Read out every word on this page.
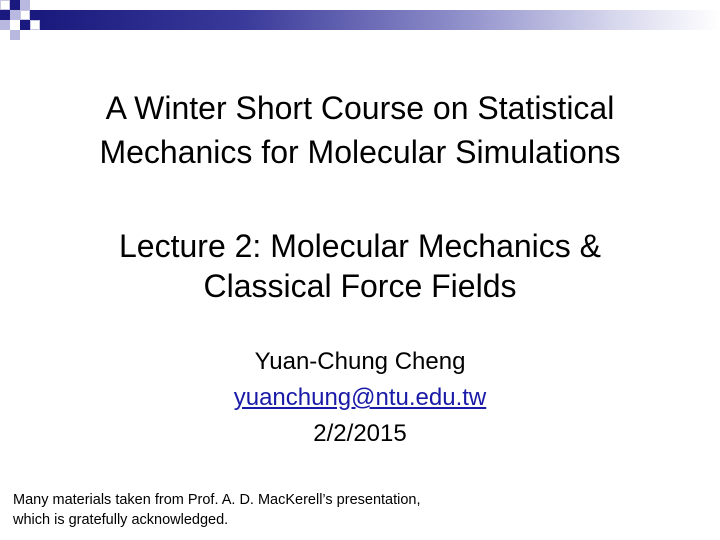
A Winter Short Course on Statistical
Mechanics for Molecular Simulations
Lecture 2: Molecular Mechanics &
Classical Force Fields
Yuan-Chung Cheng
yuanchung@ntu.edu.tw
2/2/2015
Many materials taken from Prof. A. D. MacKerell’s presentation,
which is gratefully acknowledged.
